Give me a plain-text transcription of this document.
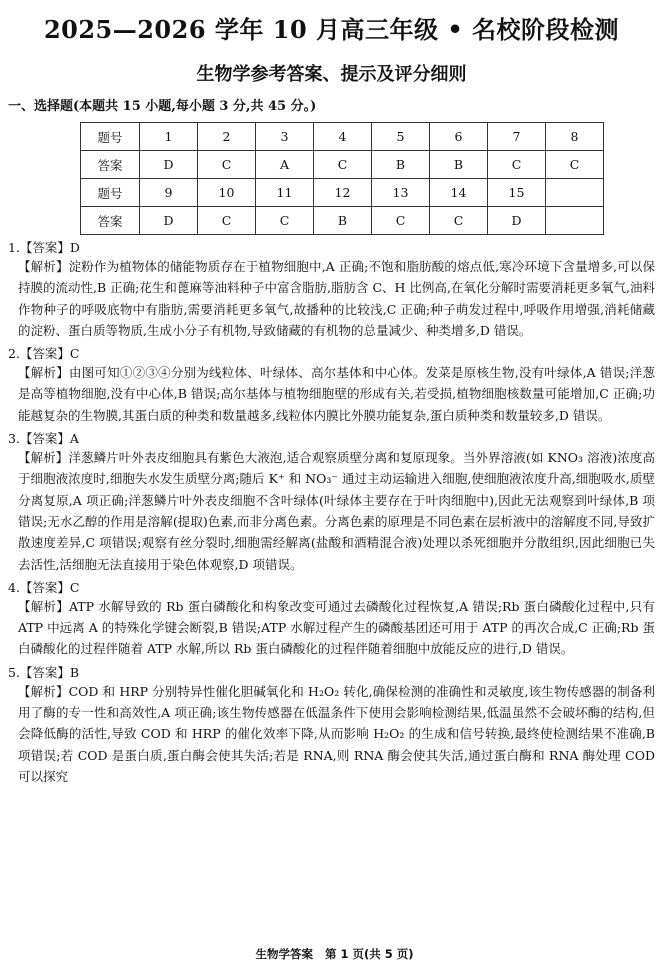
2025—2026 学年 10 月高三年级 • 名校阶段检测
生物学参考答案、提示及评分细则
一、选择题(本题共 15 小题,每小题 3 分,共 45 分。)
题号	1	2	3	4	5	6	7	8
答案	D	C	A	C	B	B	C	C
题号	9	10	11	12	13	14	15	
答案	D	C	C	B	C	C	D	
1.【答案】D
【解析】淀粉作为植物体的储能物质存在于植物细胞中,A 正确;不饱和脂肪酸的熔点低,寒冷环境下含量增多,可以保持膜的流动性,B 正确;花生和蓖麻等油料种子中富含脂肪,脂肪含 C、H 比例高,在氧化分解时需要消耗更多氧气,油料作物种子的呼吸底物中有脂肪,需要消耗更多氧气,故播种的比较浅,C 正确;种子萌发过程中,呼吸作用增强,消耗储藏的淀粉、蛋白质等物质,生成小分子有机物,导致储藏的有机物的总量减少、种类增多,D 错误。
2.【答案】C
【解析】由图可知①②③④分别为线粒体、叶绿体、高尔基体和中心体。发菜是原核生物,没有叶绿体,A 错误;洋葱是高等植物细胞,没有中心体,B 错误;高尔基体与植物细胞壁的形成有关,若受损,植物细胞核数量可能增加,C 正确;功能越复杂的生物膜,其蛋白质的种类和数量越多,线粒体内膜比外膜功能复杂,蛋白质种类和数量较多,D 错误。
3.【答案】A
【解析】洋葱鳞片叶外表皮细胞具有紫色大液泡,适合观察质壁分离和复原现象。当外界溶液(如 KNO₃ 溶液)浓度高于细胞液浓度时,细胞失水发生质壁分离;随后 K⁺ 和 NO₃⁻ 通过主动运输进入细胞,使细胞液浓度升高,细胞吸水,质壁分离复原,A 项正确;洋葱鳞片叶外表皮细胞不含叶绿体(叶绿体主要存在于叶肉细胞中),因此无法观察到叶绿体,B 项错误;无水乙醇的作用是溶解(提取)色素,而非分离色素。分离色素的原理是不同色素在层析液中的溶解度不同,导致扩散速度差异,C 项错误;观察有丝分裂时,细胞需经解离(盐酸和酒精混合液)处理以杀死细胞并分散组织,因此细胞已失去活性,活细胞无法直接用于染色体观察,D 项错误。
4.【答案】C
【解析】ATP 水解导致的 Rb 蛋白磷酸化和构象改变可通过去磷酸化过程恢复,A 错误;Rb 蛋白磷酸化过程中,只有 ATP 中远离 A 的特殊化学键会断裂,B 错误;ATP 水解过程产生的磷酸基团还可用于 ATP 的再次合成,C 正确;Rb 蛋白磷酸化的过程伴随着 ATP 水解,所以 Rb 蛋白磷酸化的过程伴随着细胞中放能反应的进行,D 错误。
5.【答案】B
【解析】COD 和 HRP 分别特异性催化胆碱氧化和 H₂O₂ 转化,确保检测的准确性和灵敏度,该生物传感器的制备利用了酶的专一性和高效性,A 项正确;该生物传感器在低温条件下使用会影响检测结果,低温虽然不会破坏酶的结构,但会降低酶的活性,导致 COD 和 HRP 的催化效率下降,从而影响 H₂O₂ 的生成和信号转换,最终使检测结果不准确,B 项错误;若 COD 是蛋白质,蛋白酶会使其失活;若是 RNA,则 RNA 酶会使其失活,通过蛋白酶和 RNA 酶处理 COD 可以探究
生物学答案 第 1 页(共 5 页)
